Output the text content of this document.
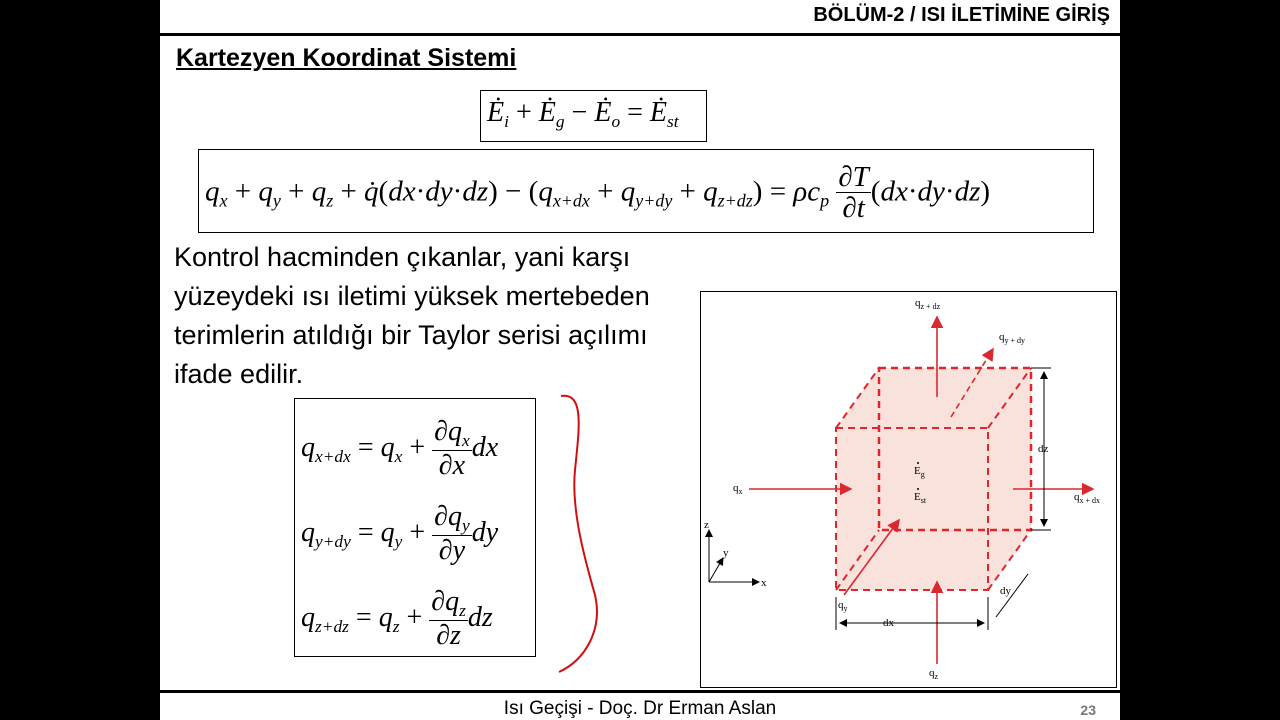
BÖLÜM-2 / ISI İLETİMİNE GİRİŞ
Kartezyen Koordinat Sistemi
$Ė_i$ + $Ė_g$ − $Ė_o$ = $Ė_{st}$
$q_x + q_y + q_z$ + q̇(dx·dy·dz) − $(q_{x+dx} + q_{y+dy} + q_{z+dz}) = \rho c_p \frac{\partial T}{\partial t} (dx\cdot dy\cdot dz)$
Kontrol hacminden çıkanlar, yani karşı
yüzeydeki ısı iletimi yüksek mertebeden
terimlerin atıldığı bir Taylor serisi açılımı
ifade edilir.
$q_{x+dx} = q_x + \frac{\partial q_x}{\partial x}$ dx
$q_{y+dy} = q_y + \frac{\partial q_y}{\partial y}$ dy
$q_{z+dz} = q_z + \frac{\partial q_z}{\partial z}$ dz
$q_{z + dz}$
$q_{y + dy}$
$q_x$	$q_{x + dx}$
$q_y$
$q_z$
$E_g$
$E_{st}$
dz
dx
dy
z
y
x
Isı Geçişi - Doç. Dr Erman Aslan	23
